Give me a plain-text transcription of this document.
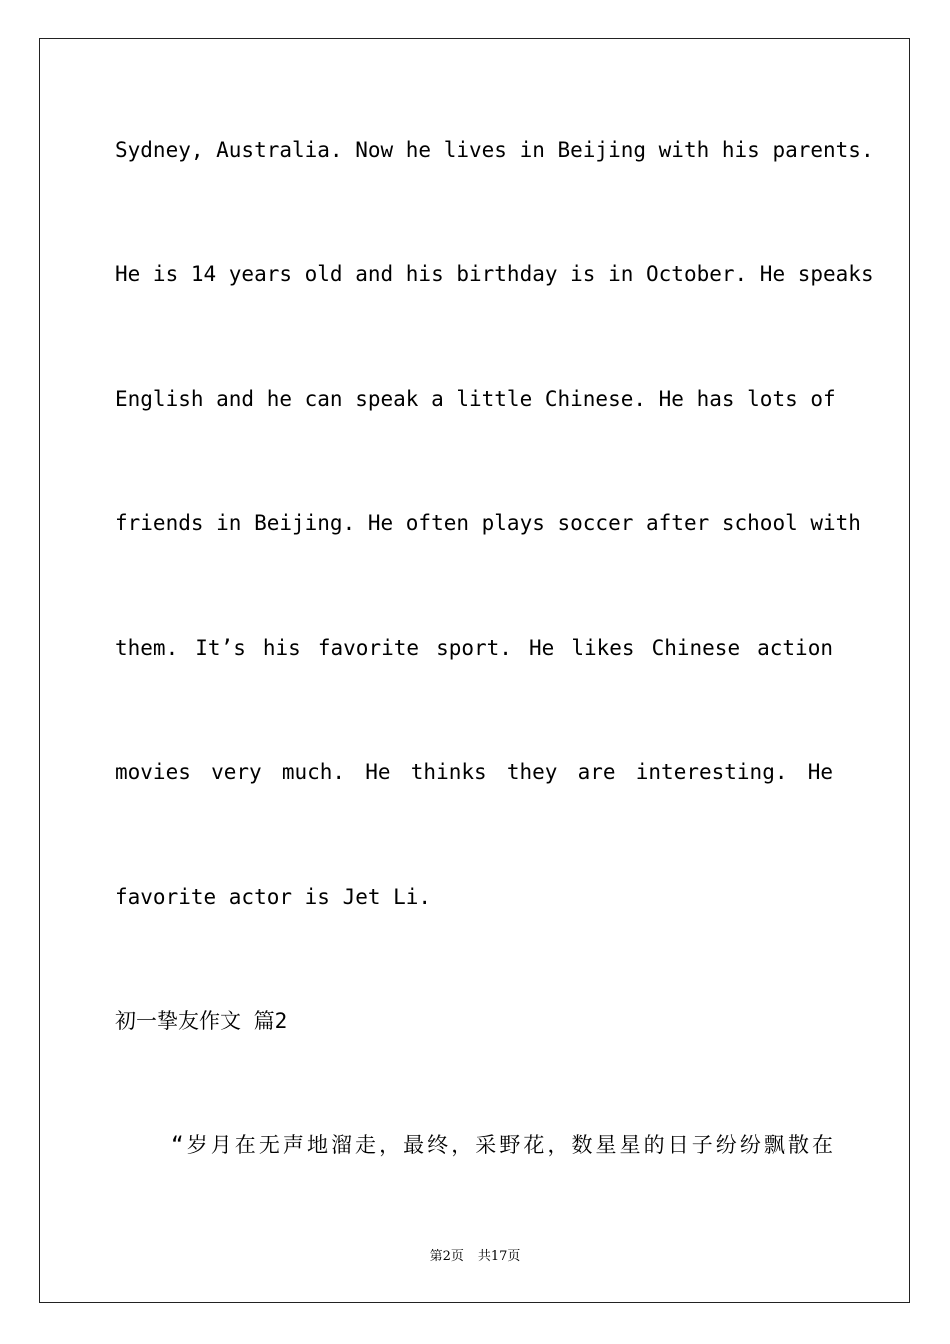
Sydney, Australia. Now he lives in Beijing with his parents.
He is 14 years old and his birthday is in October. He speaks
English and he can speak a little Chinese. He has lots of
friends in Beijing. He often plays soccer after school with
them. It’s his favorite sport. He likes Chinese action
movies very much. He thinks they are interesting. He
favorite actor is Jet Li.
初一挚友作文 篇2
“岁月在无声地溜走，最终，采野花，数星星的日子纷纷飘散在
第2页 共17页
